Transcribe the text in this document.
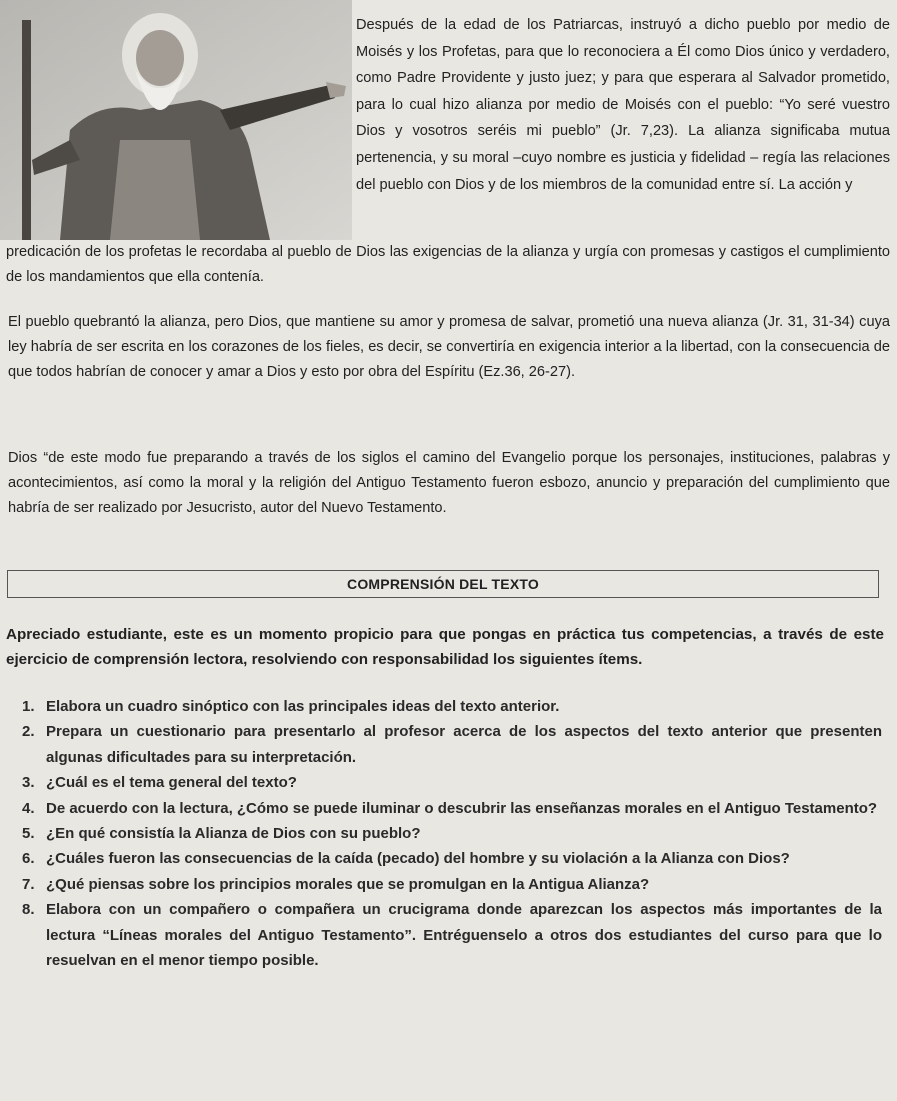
Después de la edad de los Patriarcas, instruyó a dicho pueblo por medio de Moisés y los Profetas, para que lo reconociera a Él como Dios único y verdadero, como Padre Providente y justo juez; y para que esperara al Salvador prometido, para lo cual hizo alianza por medio de Moisés con el pueblo: “Yo seré vuestro Dios y vosotros seréis mi pueblo” (Jr. 7,23). La alianza significaba mutua pertenencia, y su moral –cuyo nombre es justicia y fidelidad – regía las relaciones del pueblo con Dios y de los miembros de la comunidad entre sí. La acción y

predicación de los profetas le recordaba al pueblo de Dios las exigencias de la alianza y urgía con promesas y castigos el cumplimiento de los mandamientos que ella contenía.

El pueblo quebrantó la alianza, pero Dios, que mantiene su amor y promesa de salvar, prometió una nueva alianza (Jr. 31, 31-34) cuya ley habría de ser escrita en los corazones de los fieles, es decir, se convertiría en exigencia interior a la libertad, con la consecuencia de que todos habrían de conocer y amar a Dios y esto por obra del Espíritu (Ez.36, 26-27).

Dios “de este modo fue preparando a través de los siglos el camino del Evangelio porque los personajes, instituciones, palabras y acontecimientos, así como la moral y la religión del Antiguo Testamento fueron esbozo, anuncio y preparación del cumplimiento que habría de ser realizado por Jesucristo, autor del Nuevo Testamento.

COMPRENSIÓN DEL TEXTO

Apreciado estudiante, este es un momento propicio para que pongas en práctica tus competencias, a través de este ejercicio de comprensión lectora, resolviendo con responsabilidad los siguientes ítems.

1. Elabora un cuadro sinóptico con las principales ideas del texto anterior.
2. Prepara un cuestionario para presentarlo al profesor acerca de los aspectos del texto anterior que presenten algunas dificultades para su interpretación.
3. ¿Cuál es el tema general del texto?
4. De acuerdo con la lectura, ¿Cómo se puede iluminar o descubrir las enseñanzas morales en el Antiguo Testamento?
5. ¿En qué consistía la Alianza de Dios con su pueblo?
6. ¿Cuáles fueron las consecuencias de la caída (pecado) del hombre y su violación a la Alianza con Dios?
7. ¿Qué piensas sobre los principios morales que se promulgan en la Antigua Alianza?
8. Elabora con un compañero o compañera un crucigrama donde aparezcan los aspectos más importantes de la lectura “Líneas morales del Antiguo Testamento”. Entréguenselo a otros dos estudiantes del curso para que lo resuelvan en el menor tiempo posible.
